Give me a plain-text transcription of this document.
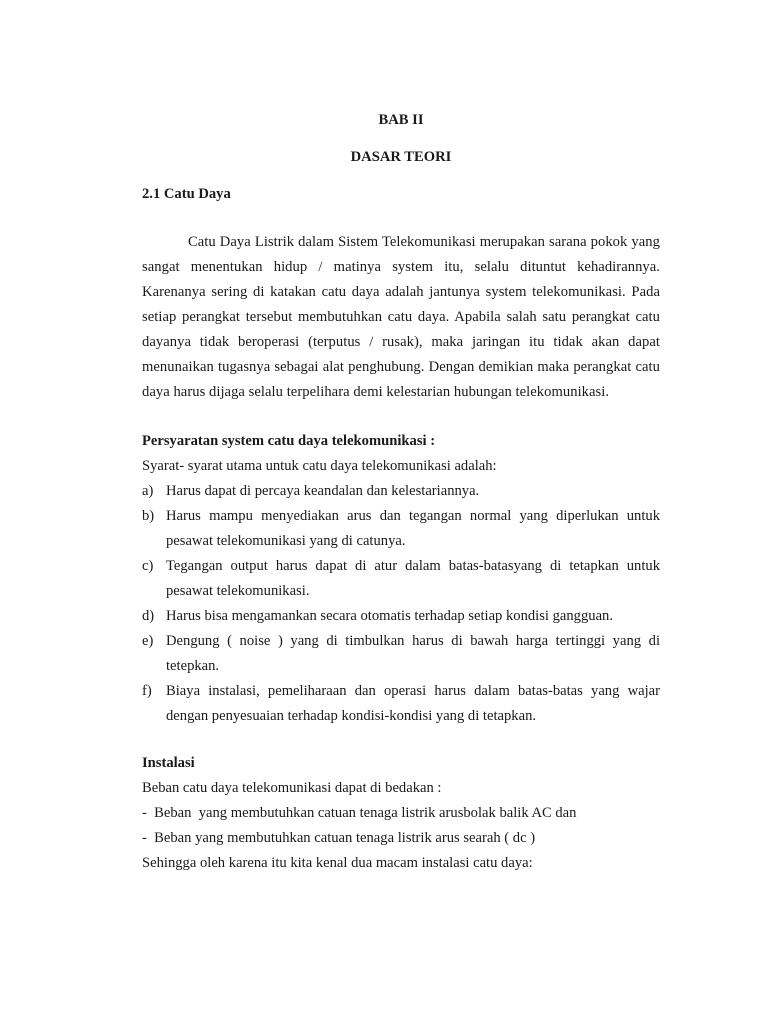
BAB II

DASAR TEORI

2.1 Catu Daya

Catu Daya Listrik dalam Sistem Telekomunikasi merupakan sarana pokok yang sangat menentukan hidup / matinya system itu, selalu dituntut kehadirannya. Karenanya sering di katakan catu daya adalah jantunya system telekomunikasi. Pada setiap perangkat tersebut membutuhkan catu daya. Apabila salah satu perangkat catu dayanya tidak beroperasi (terputus / rusak), maka jaringan itu tidak akan dapat menunaikan tugasnya sebagai alat penghubung. Dengan demikian maka perangkat catu daya harus dijaga selalu terpelihara demi kelestarian hubungan telekomunikasi.

Persyaratan system catu daya telekomunikasi :

Syarat- syarat utama untuk catu daya telekomunikasi adalah:

a) Harus dapat di percaya keandalan dan kelestariannya.
b) Harus mampu menyediakan arus dan tegangan normal yang diperlukan untuk pesawat telekomunikasi yang di catunya.
c) Tegangan output harus dapat di atur dalam batas-batasyang di tetapkan untuk pesawat telekomunikasi.
d) Harus bisa mengamankan secara otomatis terhadap setiap kondisi gangguan.
e) Dengung ( noise ) yang di timbulkan harus di bawah harga tertinggi yang di tetepkan.
f) Biaya instalasi, pemeliharaan dan operasi harus dalam batas-batas yang wajar dengan penyesuaian terhadap kondisi-kondisi yang di tetapkan.

Instalasi

Beban catu daya telekomunikasi dapat di bedakan :

-  Beban  yang membutuhkan catuan tenaga listrik arusbolak balik AC dan

-  Beban yang membutuhkan catuan tenaga listrik arus searah ( dc )

Sehingga oleh karena itu kita kenal dua macam instalasi catu daya:
